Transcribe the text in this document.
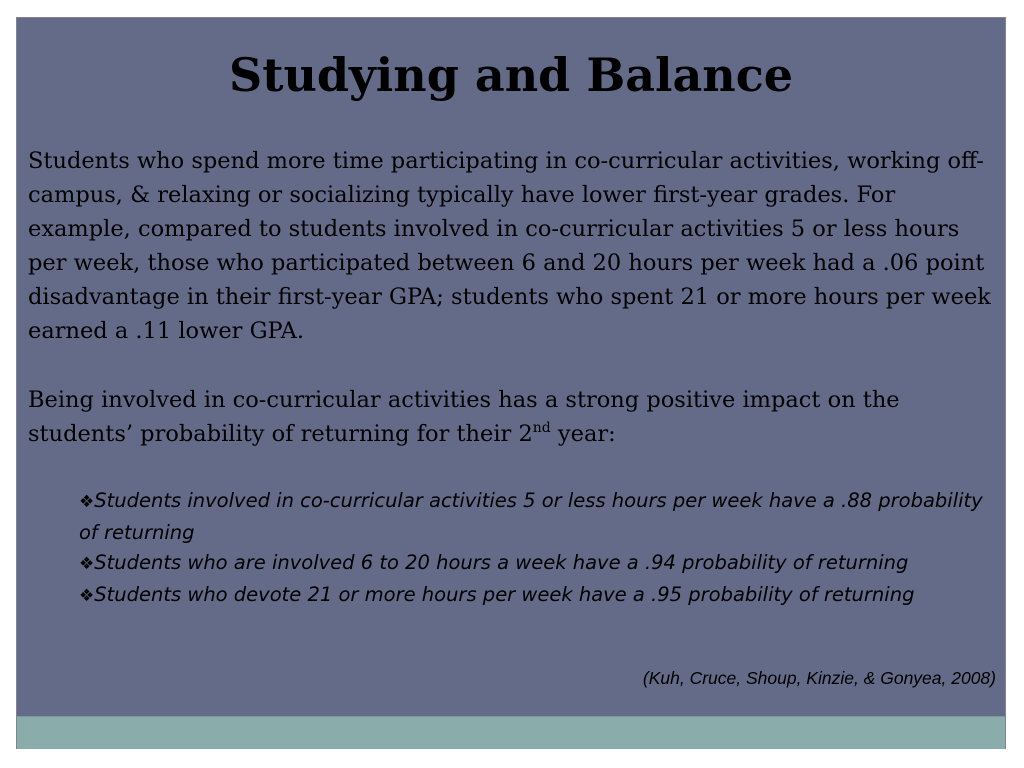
Studying and Balance

Students who spend more time participating in co-curricular activities, working off-campus, & relaxing or socializing typically have lower first-year grades. For example, compared to students involved in co-curricular activities 5 or less hours per week, those who participated between 6 and 20 hours per week had a .06 point disadvantage in their first-year GPA; students who spent 21 or more hours per week earned a .11 lower GPA.

Being involved in co-curricular activities has a strong positive impact on the students’ probability of returning for their 2nd year:

❖Students involved in co-curricular activities 5 or less hours per week have a .88 probability of returning
❖Students who are involved 6 to 20 hours a week have a .94 probability of returning
❖Students who devote 21 or more hours per week have a .95 probability of returning

(Kuh, Cruce, Shoup, Kinzie, & Gonyea, 2008)
